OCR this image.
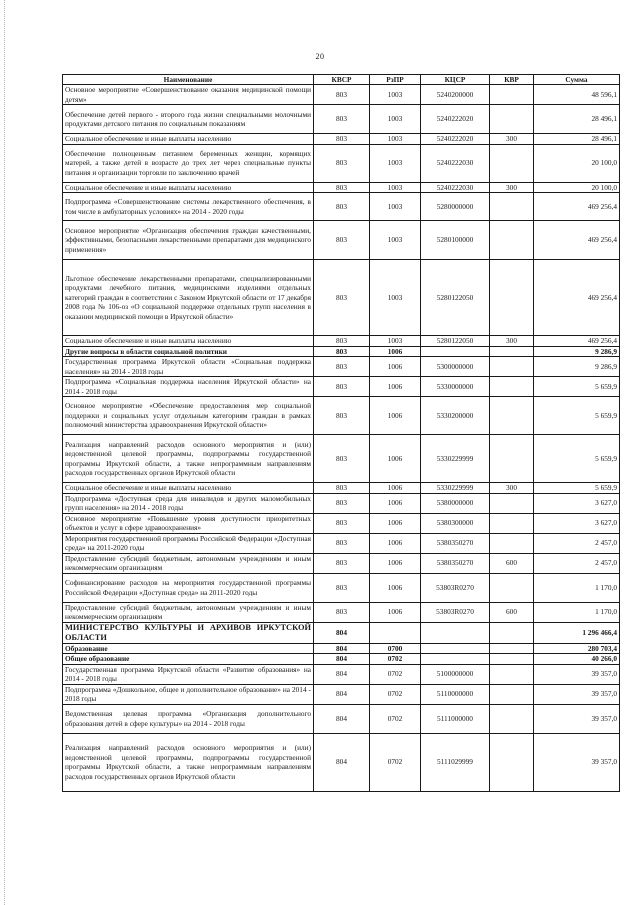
20
Наименование	КВСР	РзПР	КЦСР	КВР	Сумма
Основное мероприятие «Совершенствование оказания медицинской помощи детям»	803	1003	5240200000		48 596,1
Обеспечение детей первого - второго года жизни специальными молочными продуктами детского питания по социальным показаниям	803	1003	5240222020		28 496,1
Социальное обеспечение и иные выплаты населению	803	1003	5240222020	300	28 496,1
Обеспечение полноценным питанием беременных женщин, кормящих матерей, а также детей в возрасте до трех лет через специальные пункты питания и организации торговли по заключению врачей	803	1003	5240222030		20 100,0
Социальное обеспечение и иные выплаты населению	803	1003	5240222030	300	20 100,0
Подпрограмма «Совершенствование системы лекарственного обеспечения, в том числе в амбулаторных условиях» на 2014 - 2020 годы	803	1003	5280000000		469 256,4
Основное мероприятие «Организация обеспечения граждан качественными, эффективными, безопасными лекарственными препаратами для медицинского применения»	803	1003	5280100000		469 256,4
Льготное обеспечение лекарственными препаратами, специализированными продуктами лечебного питания, медицинскими изделиями отдельных категорий граждан в соответствии с Законом Иркутской области от 17 декабря 2008 года № 106-оз «О социальной поддержке отдельных групп населения в оказании медицинской помощи в Иркутской области»	803	1003	5280122050		469 256,4
Социальное обеспечение и иные выплаты населению	803	1003	5280122050	300	469 256,4
Другие вопросы в области социальной политики	803	1006			9 286,9
Государственная программа Иркутской области «Социальная поддержка населения» на 2014 - 2018 годы	803	1006	5300000000		9 286,9
Подпрограмма «Социальная поддержка населения Иркутской области» на 2014 - 2018 годы	803	1006	5330000000		5 659,9
Основное мероприятие «Обеспечение предоставления мер социальной поддержки и социальных услуг отдельным категориям граждан в рамках полномочий министерства здравоохранения Иркутской области»	803	1006	5330200000		5 659,9
Реализация направлений расходов основного мероприятия и (или) ведомственной целевой программы, подпрограммы государственной программы Иркутской области, а также непрограммным направлениям расходов государственных органов Иркутской области	803	1006	5330229999		5 659,9
Социальное обеспечение и иные выплаты населению	803	1006	5330229999	300	5 659,9
Подпрограмма «Доступная среда для инвалидов и других маломобильных групп населения» на 2014 - 2018 годы	803	1006	5380000000		3 627,0
Основное мероприятие «Повышение уровня доступности приоритетных объектов и услуг в сфере здравоохранения»	803	1006	5380300000		3 627,0
Мероприятия государственной программы Российской Федерации «Доступная среда» на 2011-2020 годы	803	1006	5380350270		2 457,0
Предоставление субсидий бюджетным, автономным учреждениям и иным некоммерческим организациям	803	1006	5380350270	600	2 457,0
Софинансирование расходов на мероприятия государственной программы Российской Федерации «Доступная среда» на 2011-2020 годы	803	1006	53803R0270		1 170,0
Предоставление субсидий бюджетным, автономным учреждениям и иным некоммерческим организациям	803	1006	53803R0270	600	1 170,0
МИНИСТЕРСТВО КУЛЬТУРЫ И АРХИВОВ ИРКУТСКОЙ ОБЛАСТИ	804				1 296 466,4
Образование	804	0700			280 703,4
Общее образование	804	0702			40 266,0
Государственная программа Иркутской области «Развитие образования» на 2014 - 2018 годы	804	0702	5100000000		39 357,0
Подпрограмма «Дошкольное, общее и дополнительное образование» на 2014 - 2018 годы	804	0702	5110000000		39 357,0
Ведомственная целевая программа «Организация дополнительного образования детей в сфере культуры» на 2014 - 2018 годы	804	0702	5111000000		39 357,0
Реализация направлений расходов основного мероприятия и (или) ведомственной целевой программы, подпрограммы государственной программы Иркутской области, а также непрограммным направлениям расходов государственных органов Иркутской области	804	0702	5111029999		39 357,0
